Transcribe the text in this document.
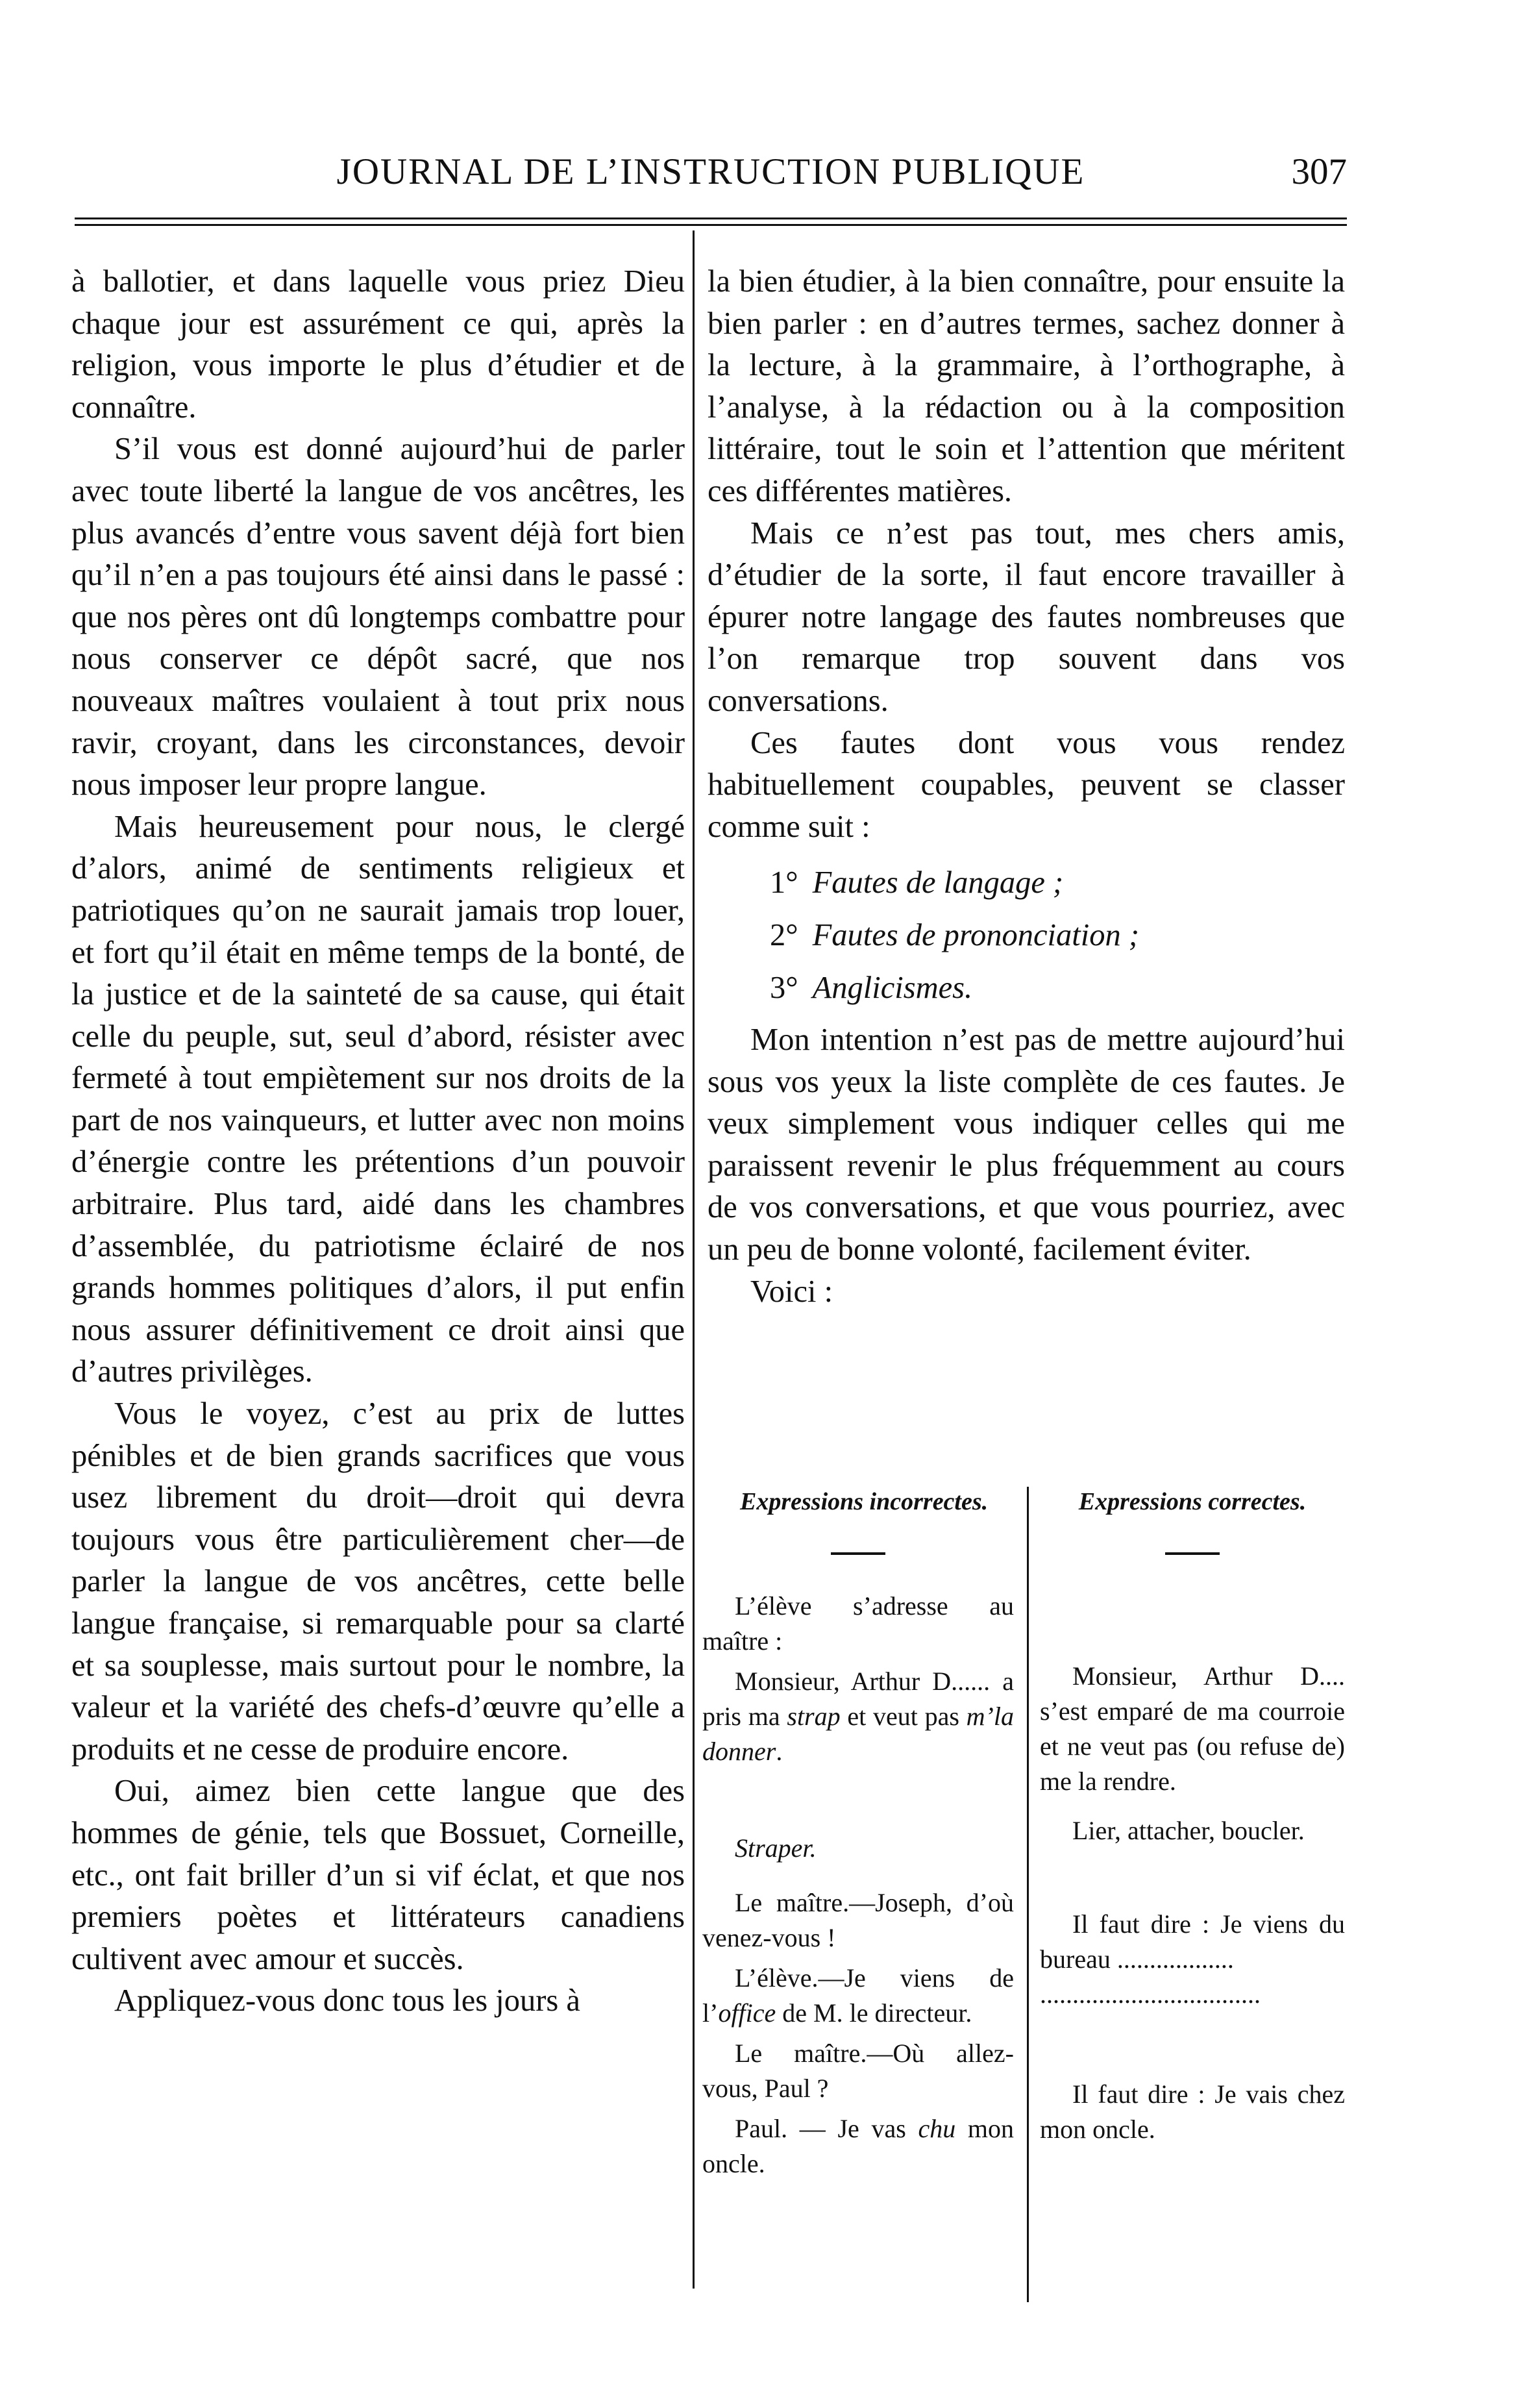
JOURNAL DE L’INSTRUCTION PUBLIQUE	307

à ballotier, et dans laquelle vous priez Dieu chaque jour est assurément ce qui, après la religion, vous importe le plus d’étudier et de connaître.

S’il vous est donné aujourd’hui de parler avec toute liberté la langue de vos ancêtres, les plus avancés d’entre vous savent déjà fort bien qu’il n’en a pas toujours été ainsi dans le passé : que nos pères ont dû longtemps combattre pour nous conserver ce dépôt sacré, que nos nouveaux maîtres voulaient à tout prix nous ravir, croyant, dans les circonstances, devoir nous imposer leur propre langue.

Mais heureusement pour nous, le clergé d’alors, animé de sentiments religieux et patriotiques qu’on ne saurait jamais trop louer, et fort qu’il était en même temps de la bonté, de la justice et de la sainteté de sa cause, qui était celle du peuple, sut, seul d’abord, résister avec fermeté à tout empiètement sur nos droits de la part de nos vainqueurs, et lutter avec non moins d’énergie contre les prétentions d’un pouvoir arbitraire. Plus tard, aidé dans les chambres d’assemblée, du patriotisme éclairé de nos grands hommes politiques d’alors, il put enfin nous assurer définitivement ce droit ainsi que d’autres privilèges.

Vous le voyez, c’est au prix de luttes pénibles et de bien grands sacrifices que vous usez librement du droit—droit qui devra toujours vous être particulièrement cher—de parler la langue de vos ancêtres, cette belle langue française, si remarquable pour sa clarté et sa souplesse, mais surtout pour le nombre, la valeur et la variété des chefs-d’œuvre qu’elle a produits et ne cesse de produire encore.

Oui, aimez bien cette langue que des hommes de génie, tels que Bossuet, Corneille, etc., ont fait briller d’un si vif éclat, et que nos premiers poètes et littérateurs canadiens cultivent avec amour et succès.

Appliquez-vous donc tous les jours à

la bien étudier, à la bien connaître, pour ensuite la bien parler : en d’autres termes, sachez donner à la lecture, à la grammaire, à l’orthographe, à l’analyse, à la rédaction ou à la composition littéraire, tout le soin et l’attention que méritent ces différentes matières.

Mais ce n’est pas tout, mes chers amis, d’étudier de la sorte, il faut encore travailler à épurer notre langage des fautes nombreuses que l’on remarque trop souvent dans vos conversations.

Ces fautes dont vous vous rendez habituellement coupables, peuvent se classer comme suit :

1° Fautes de langage ;
2° Fautes de prononciation ;
3° Anglicismes.

Mon intention n’est pas de mettre aujourd’hui sous vos yeux la liste complète de ces fautes. Je veux simplement vous indiquer celles qui me paraissent revenir le plus fréquemment au cours de vos conversations, et que vous pourriez, avec un peu de bonne volonté, facilement éviter.

Voici :

Expressions incorrectes.

L’élève s’adresse au maître :

Monsieur, Arthur D...... a pris ma strap et veut pas m’la donner.

Straper.

Le maître.—Joseph, d’où venez-vous !

L’élève.—Je viens de l’office de M. le directeur.

Le maître.—Où allez-vous, Paul ?

Paul. — Je vas chu mon oncle.

Expressions correctes.

Monsieur, Arthur D.... s’est emparé de ma courroie et ne veut pas (ou refuse de) me la rendre.

Lier, attacher, boucler.

Il faut dire : Je viens du bureau ..................

..................................

Il faut dire : Je vais chez mon oncle.
